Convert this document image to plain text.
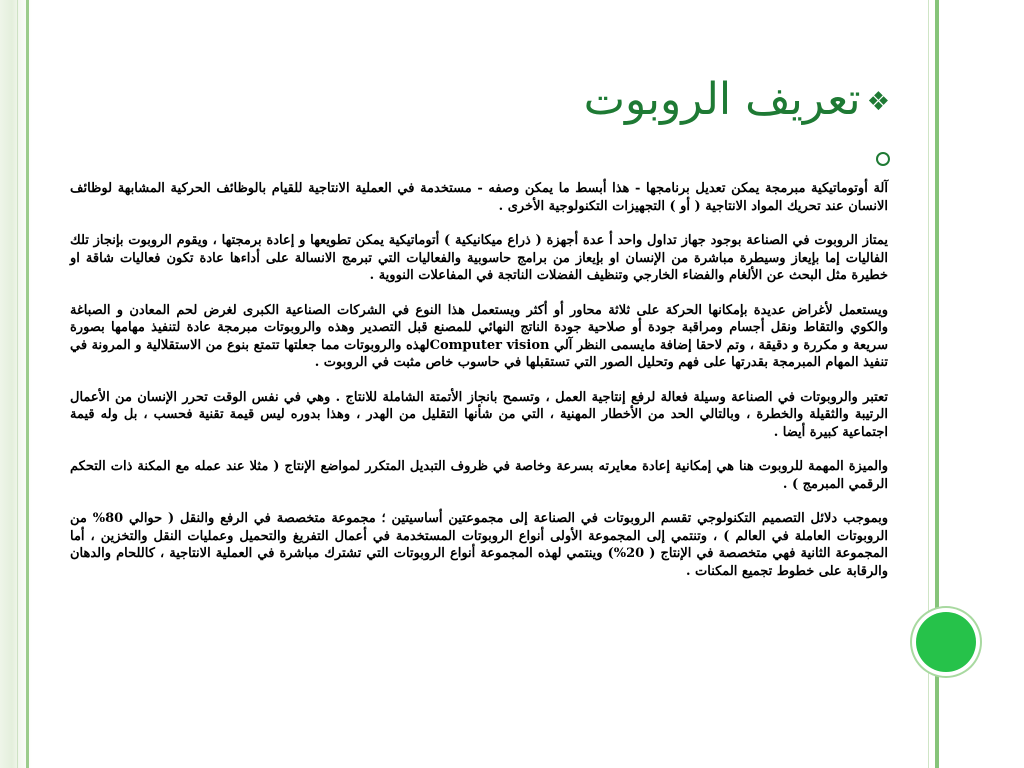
❖تعريف الروبوت

آلة أوتوماتيكية مبرمجة يمكن تعديل برنامجها - هذا أبسط ما يمكن وصفه - مستخدمة في العملية الانتاجية للقيام بالوظائف الحركية المشابهة لوظائف الانسان عند تحريك المواد الانتاجية ( أو ) التجهيزات التكنولوجية الأخرى .

يمتاز الروبوت في الصناعة بوجود جهاز تداول واحد أ عدة أجهزة ( ذراع ميكانيكية ) أتوماتيكية يمكن تطويعها و إعادة برمجتها ، ويقوم الروبوت بإنجاز تلك الفاليات إما بإيعاز وسيطرة مباشرة من الإنسان او بإيعاز من برامج حاسوبية والفعاليات التي تبرمج الانسالة على أداءها عادة تكون فعاليات شاقة او خطيرة مثل البحث عن الألغام والفضاء الخارجي وتنظيف الفضلات الناتجة في المفاعلات النووية .

ويستعمل لأغراض عديدة بإمكانها الحركة على ثلاثة محاور أو أكثر ويستعمل هذا النوع في الشركات الصناعية الكبرى لغرض لحم المعادن و الصباغة والكوي والتقاط ونقل أجسام ومراقبة جودة أو صلاحية جودة الناتج النهائي للمصنع قبل التصدير وهذه والروبوتات مبرمجة عادة لتنفيذ مهامها بصورة سريعة و مكررة و دقيقة ، وتم لاحقا إضافة مايسمى النظر آلي Computer visionلهذه والروبوتات مما جعلتها تتمتع بنوع من الاستقلالية و المرونة في تنفيذ المهام المبرمجة بقدرتها على فهم وتحليل الصور التي تستقبلها في حاسوب خاص مثبت في الروبوت .

تعتبر والروبوتات في الصناعة وسيلة فعالة لرفع إنتاجية العمل ، وتسمح بانجاز الأتمتة الشاملة للانتاج . وهي في نفس الوقت تحرر الإنسان من الأعمال الرتيبة والثقيلة والخطرة ، وبالتالي الحد من الأخطار المهنية ، التي من شأنها التقليل من الهدر ، وهذا بدوره ليس قيمة تقنية فحسب ، بل وله قيمة اجتماعية كبيرة أيضا .

والميزة المهمة للروبوت هنا هي إمكانية إعادة معايرته بسرعة وخاصة في ظروف التبديل المتكرر لمواضع الإنتاج ( مثلا عند عمله مع المكنة ذات التحكم الرقمي المبرمج ) .

وبموجب دلائل التصميم التكنولوجي تقسم الروبوتات في الصناعة إلى مجموعتين أساسيتين ؛ مجموعة متخصصة في الرفع والنقل ( حوالي 80% من الروبوتات العاملة في العالم ) ، وتنتمي إلى المجموعة الأولى أنواع الروبوتات المستخدمة في أعمال التفريغ والتحميل وعمليات النقل والتخزين ، أما المجموعة الثانية فهي متخصصة في الإنتاج ( 20%) وينتمي لهذه المجموعة أنواع الروبوتات التي تشترك مباشرة في العملية الانتاجية ، كاللحام والدهان والرقابة على خطوط تجميع المكنات .
